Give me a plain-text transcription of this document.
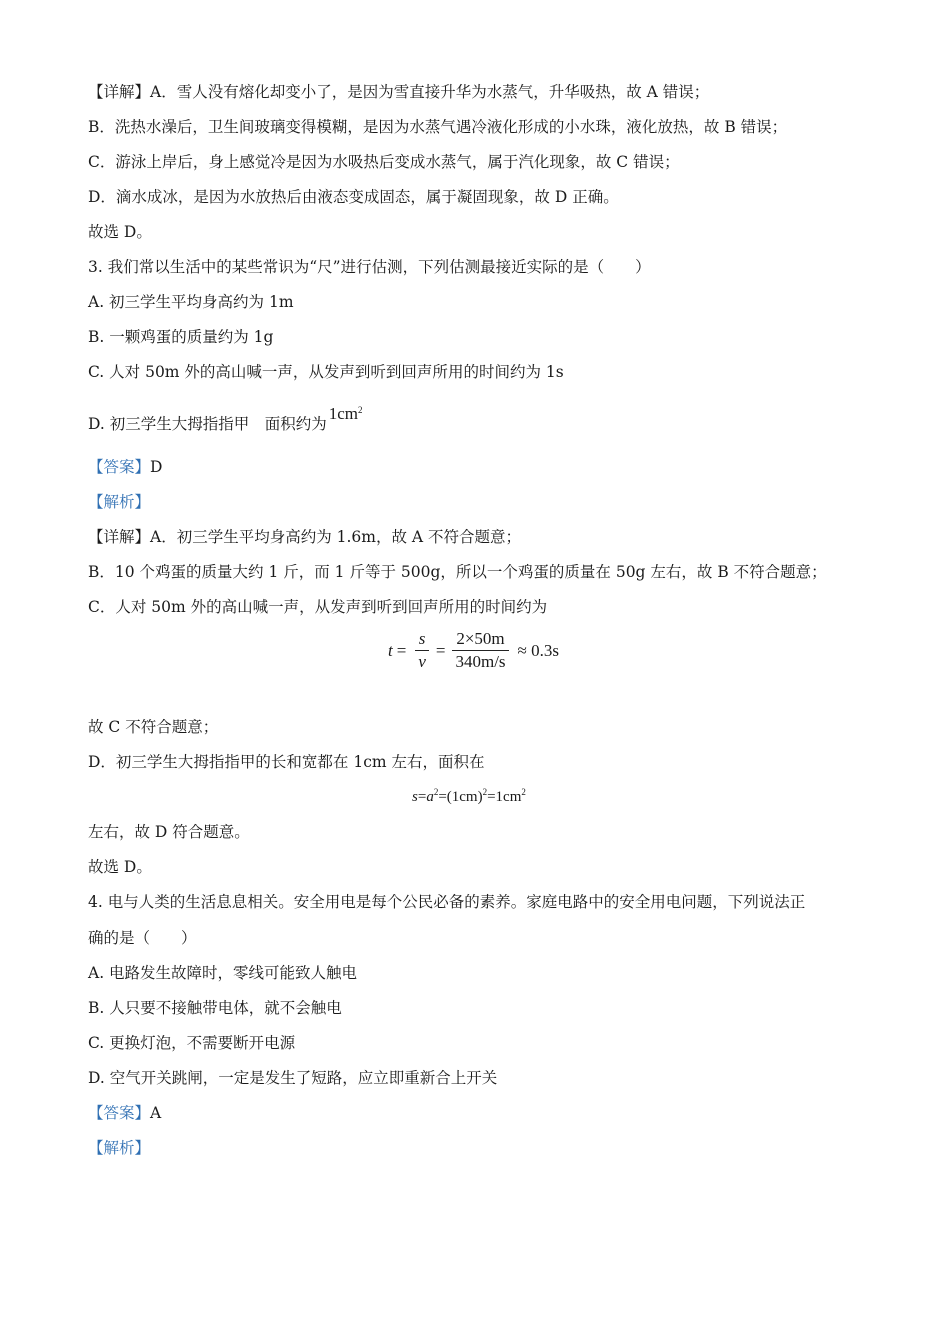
【详解】A．雪人没有熔化却变小了，是因为雪直接升华为水蒸气，升华吸热，故 A 错误；
B．洗热水澡后，卫生间玻璃变得模糊，是因为水蒸气遇冷液化形成的小水珠，液化放热，故 B 错误；
C．游泳上岸后，身上感觉冷是因为水吸热后变成水蒸气，属于汽化现象，故 C 错误；
D．滴水成冰，是因为水放热后由液态变成固态，属于凝固现象，故 D 正确。
故选 D。
3. 我们常以生活中的某些常识为“尺”进行估测，下列估测最接近实际的是（　　）
A. 初三学生平均身高约为 1m
B. 一颗鸡蛋的质量约为 1g
C. 人对 50m 外的高山喊一声，从发声到听到回声所用的时间约为 1s
D. 初三学生大拇指指甲　面积约为$1cm^2$
【答案】D
【解析】
【详解】A．初三学生平均身高约为 1.6m，故 A 不符合题意；
B．10 个鸡蛋的质量大约 1 斤，而 1 斤等于 500g，所以一个鸡蛋的质量在 50g 左右，故 B 不符合题意；
C．人对 50m 外的高山喊一声，从发声到听到回声所用的时间约为
$t = \frac{s}{v} = \frac{2\times 50m}{340m/s} \approx 0.3s$
故 C 不符合题意；
D．初三学生大拇指指甲的长和宽都在 1cm 左右，面积在
$s=a^2=(1cm)^2=1cm^2$
左右，故 D 符合题意。
故选 D。
4. 电与人类的生活息息相关。安全用电是每个公民必备的素养。家庭电路中的安全用电问题，下列说法正
确的是（　　）
A. 电路发生故障时，零线可能致人触电
B. 人只要不接触带电体，就不会触电
C. 更换灯泡，不需要断开电源
D. 空气开关跳闸，一定是发生了短路，应立即重新合上开关
【答案】A
【解析】
